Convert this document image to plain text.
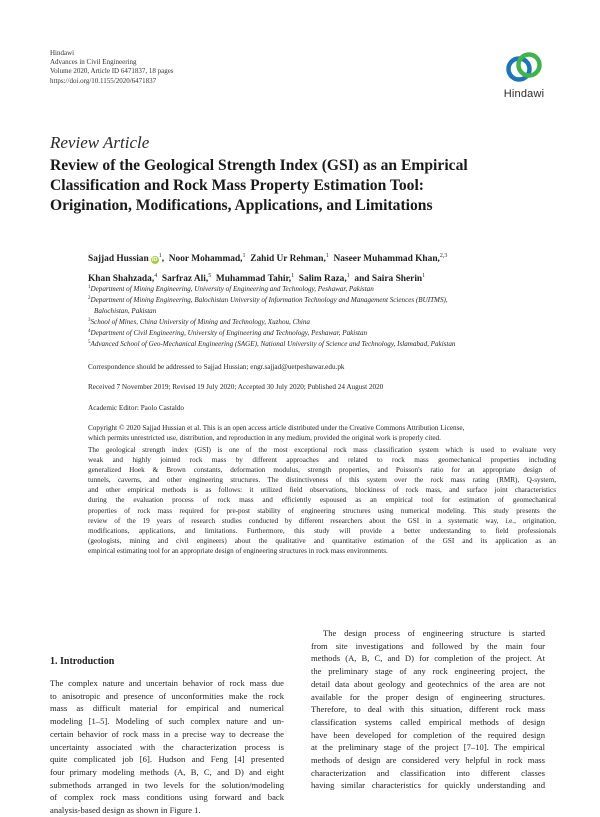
Hindawi
Advances in Civil Engineering
Volume 2020, Article ID 6471837, 18 pages
https://doi.org/10.1155/2020/6471837
Hindawi
Review Article
Review of the Geological Strength Index (GSI) as an Empirical
Classification and Rock Mass Property Estimation Tool:
Origination, Modifications, Applications, and Limitations
Sajjad Hussian $iD^1$,  Noor Mohammad,$^1$ Zahid Ur Rehman,$^1$ Naseer Muhammad Khan,$^{2,3}$
Khan Shahzada,$^4$ Sarfraz Ali,$^5$ Muhammad Tahir,$^1$ Salim Raza,$^1$ and Saira Sherin$^1$
$^1$Department of Mining Engineering, University of Engineering and Technology, Peshawar, Pakistan
$^2$Department of Mining Engineering, Balochistan University of Information Technology and Management Sciences (BUITMS),
Balochistan, Pakistan
$^3$School of Mines, China University of Mining and Technology, Xuzhou, China
$^4$Department of Civil Engineering, University of Engineering and Technology, Peshawar, Pakistan
$^5$Advanced School of Geo-Mechanical Engineering (SAGE), National University of Science and Technology, Islamabad, Pakistan
Correspondence should be addressed to Sajjad Hussian; engr.sajjad@uetpeshawar.edu.pk
Received 7 November 2019; Revised 19 July 2020; Accepted 30 July 2020; Published 24 August 2020
Academic Editor: Paolo Castaldo
Copyright © 2020 Sajjad Hussian et al. This is an open access article distributed under the Creative Commons Attribution License,
which permits unrestricted use, distribution, and reproduction in any medium, provided the original work is properly cited.
The geological strength index (GSI) is one of the most exceptional rock mass classification system which is used to evaluate very
weak and highly jointed rock mass by different approaches and related to rock mass geomechanical properties including
generalized Hoek & Brown constants, deformation modulus, strength properties, and Poisson's ratio for an appropriate design of
tunnels, caverns, and other engineering structures. The distinctiveness of this system over the rock mass rating (RMR), Q-system,
and other empirical methods is as follows: it utilized field observations, blockiness of rock mass, and surface joint characteristics
during the evaluation process of rock mass and efficiently espoused as an empirical tool for estimation of geomechanical
properties of rock mass required for pre-post stability of engineering structures using numerical modeling. This study presents the
review of the 19 years of research studies conducted by different researchers about the GSI in a systematic way, i.e., origination,
modifications, applications, and limitations. Furthermore, this study will provide a better understanding to field professionals
(geologists, mining and civil engineers) about the qualitative and quantitative estimation of the GSI and its application as an
empirical estimating tool for an appropriate design of engineering structures in rock mass environments.
1. Introduction
The complex nature and uncertain behavior of rock mass due
to anisotropic and presence of unconformities make the rock
mass as difficult material for empirical and numerical
modeling [1–5]. Modeling of such complex nature and un-
certain behavior of rock mass in a precise way to decrease the
uncertainty associated with the characterization process is
quite complicated job [6]. Hudson and Feng [4] presented
four primary modeling methods (A, B, C, and D) and eight
submethods arranged in two levels for the solution/modeling
of complex rock mass conditions using forward and back
analysis-based design as shown in Figure 1.
The design process of engineering structure is started
from site investigations and followed by the main four
methods (A, B, C, and D) for completion of the project. At
the preliminary stage of any rock engineering project, the
detail data about geology and geotechnics of the area are not
available for the proper design of engineering structures.
Therefore, to deal with this situation, different rock mass
classification systems called empirical methods of design
have been developed for completion of the required design
at the preliminary stage of the project [7–10]. The empirical
methods of design are considered very helpful in rock mass
characterization and classification into different classes
having similar characteristics for quickly understanding and
